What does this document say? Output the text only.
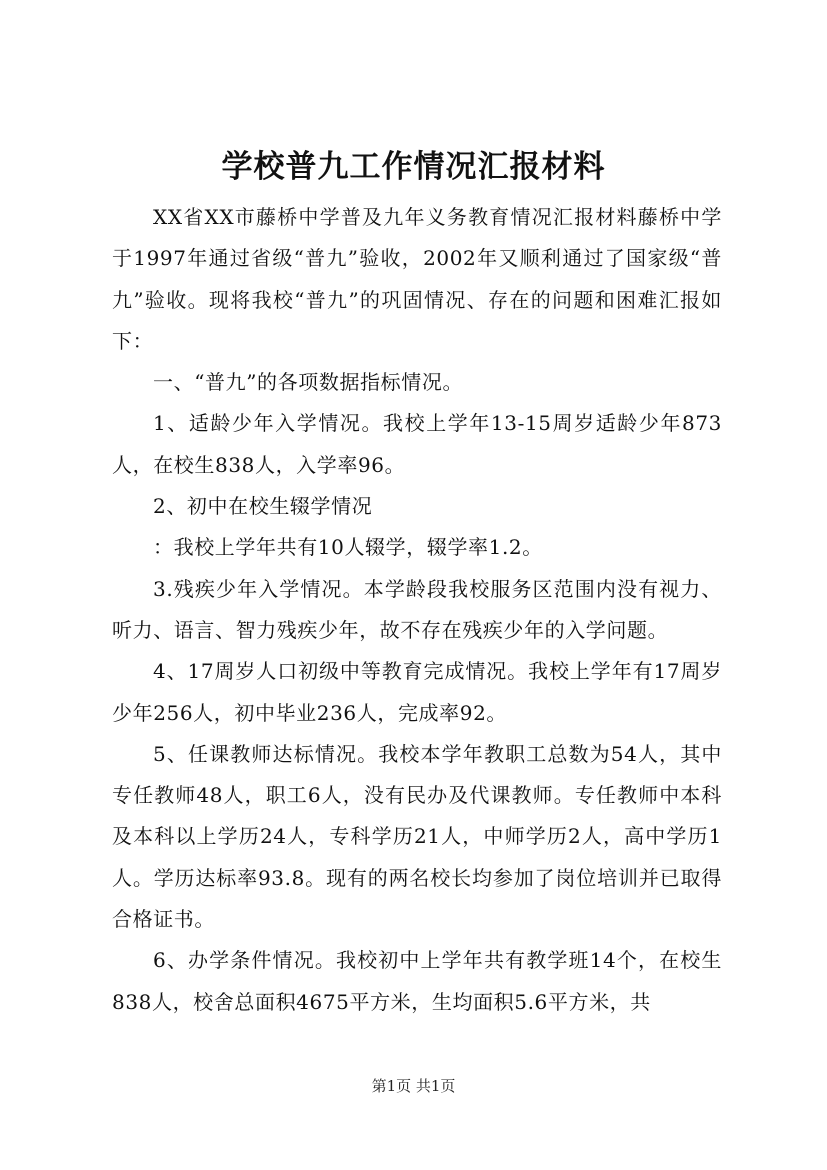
学校普九工作情况汇报材料

XX省XX市藤桥中学普及九年义务教育情况汇报材料藤桥中学于1997年通过省级“普九”验收，2002年又顺利通过了国家级“普九”验收。现将我校“普九”的巩固情况、存在的问题和困难汇报如下：

一、“普九”的各项数据指标情况。

1、适龄少年入学情况。我校上学年13-15周岁适龄少年873人，在校生838人，入学率96。

2、初中在校生辍学情况

：我校上学年共有10人辍学，辍学率1.2。

3.残疾少年入学情况。本学龄段我校服务区范围内没有视力、听力、语言、智力残疾少年，故不存在残疾少年的入学问题。

4、17周岁人口初级中等教育完成情况。我校上学年有17周岁少年256人，初中毕业236人，完成率92。

5、任课教师达标情况。我校本学年教职工总数为54人，其中专任教师48人，职工6人，没有民办及代课教师。专任教师中本科及本科以上学历24人，专科学历21人，中师学历2人，高中学历1人。学历达标率93.8。现有的两名校长均参加了岗位培训并已取得合格证书。

6、办学条件情况。我校初中上学年共有教学班14个，在校生838人，校舍总面积4675平方米，生均面积5.6平方米，共

第1页 共1页
